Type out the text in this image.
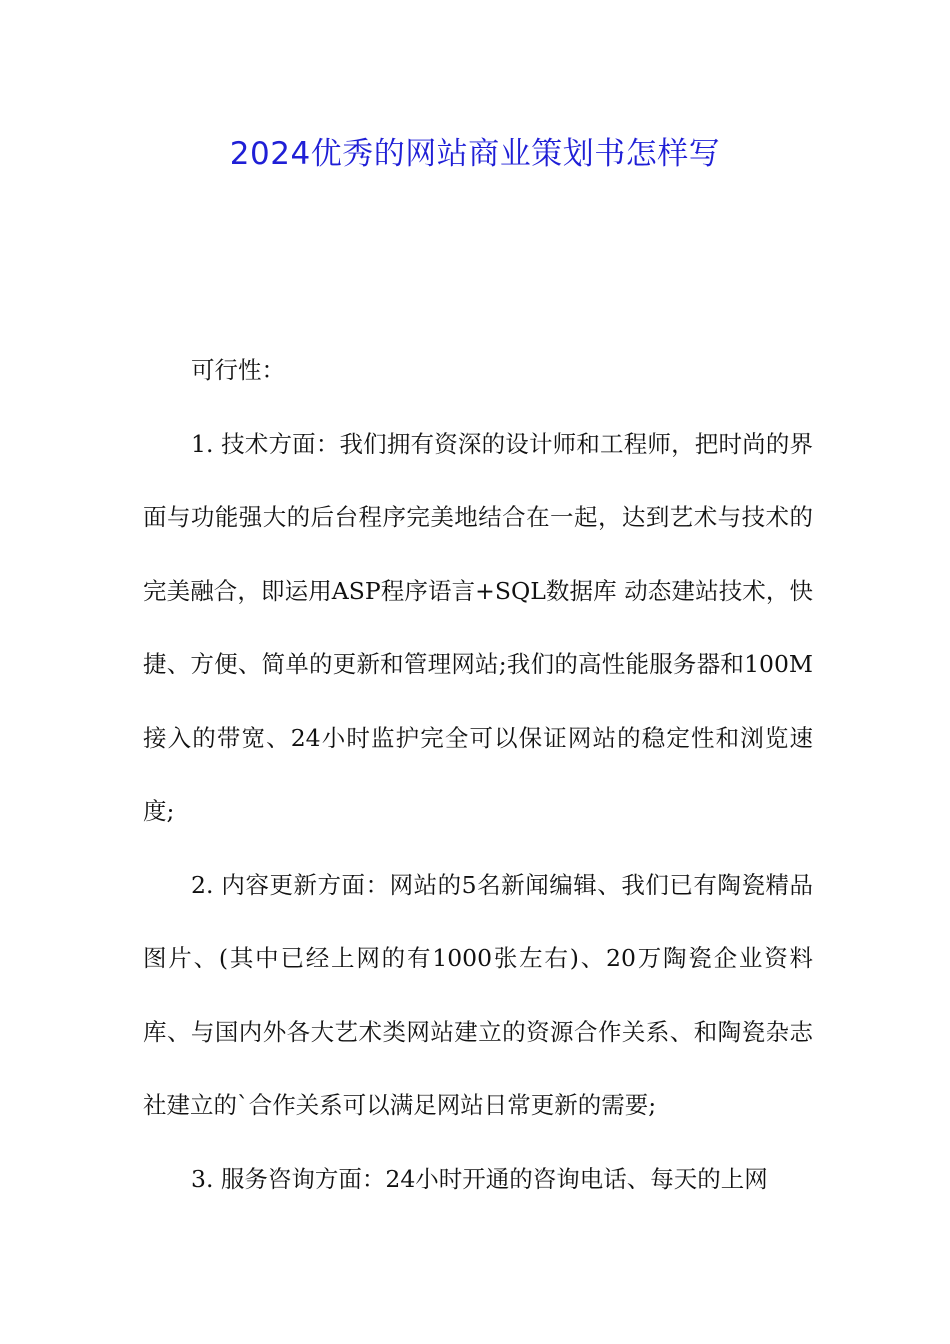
2024优秀的网站商业策划书怎样写

可行性：

1. 技术方面：我们拥有资深的设计师和工程师，把时尚的界面与功能强大的后台程序完美地结合在一起，达到艺术与技术的完美融合，即运用ASP程序语言+SQL数据库 动态建站技术，快捷、方便、简单的更新和管理网站;我们的高性能服务器和100M接入的带宽、24小时监护完全可以保证网站的稳定性和浏览速度;

2. 内容更新方面：网站的5名新闻编辑、我们已有陶瓷精品图片、(其中已经上网的有1000张左右)、20万陶瓷企业资料库、与国内外各大艺术类网站建立的资源合作关系、和陶瓷杂志社建立的`合作关系可以满足网站日常更新的需要;

3. 服务咨询方面：24小时开通的咨询电话、每天的上网
